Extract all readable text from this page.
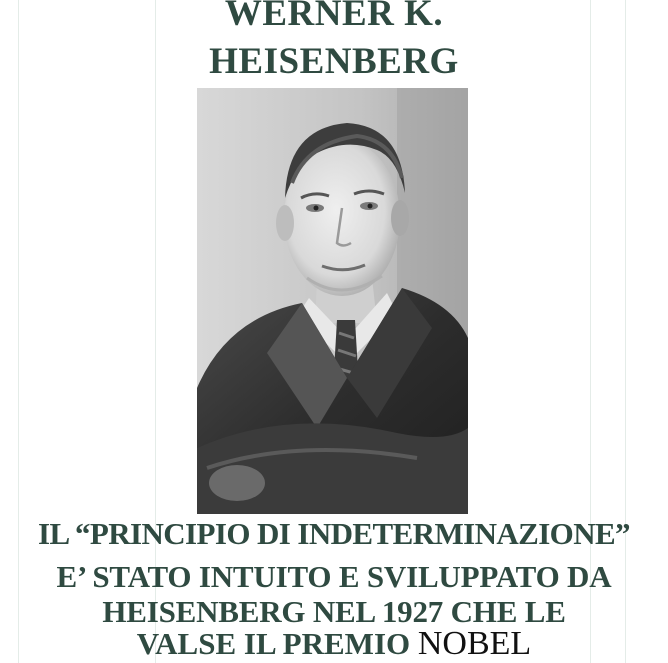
WERNER K.
HEISENBERG
IL “PRINCIPIO DI INDETERMINAZIONE”
E’ STATO INTUITO E SVILUPPATO DA
HEISENBERG NEL 1927 CHE LE
VALSE IL PREMIO NOBEL
